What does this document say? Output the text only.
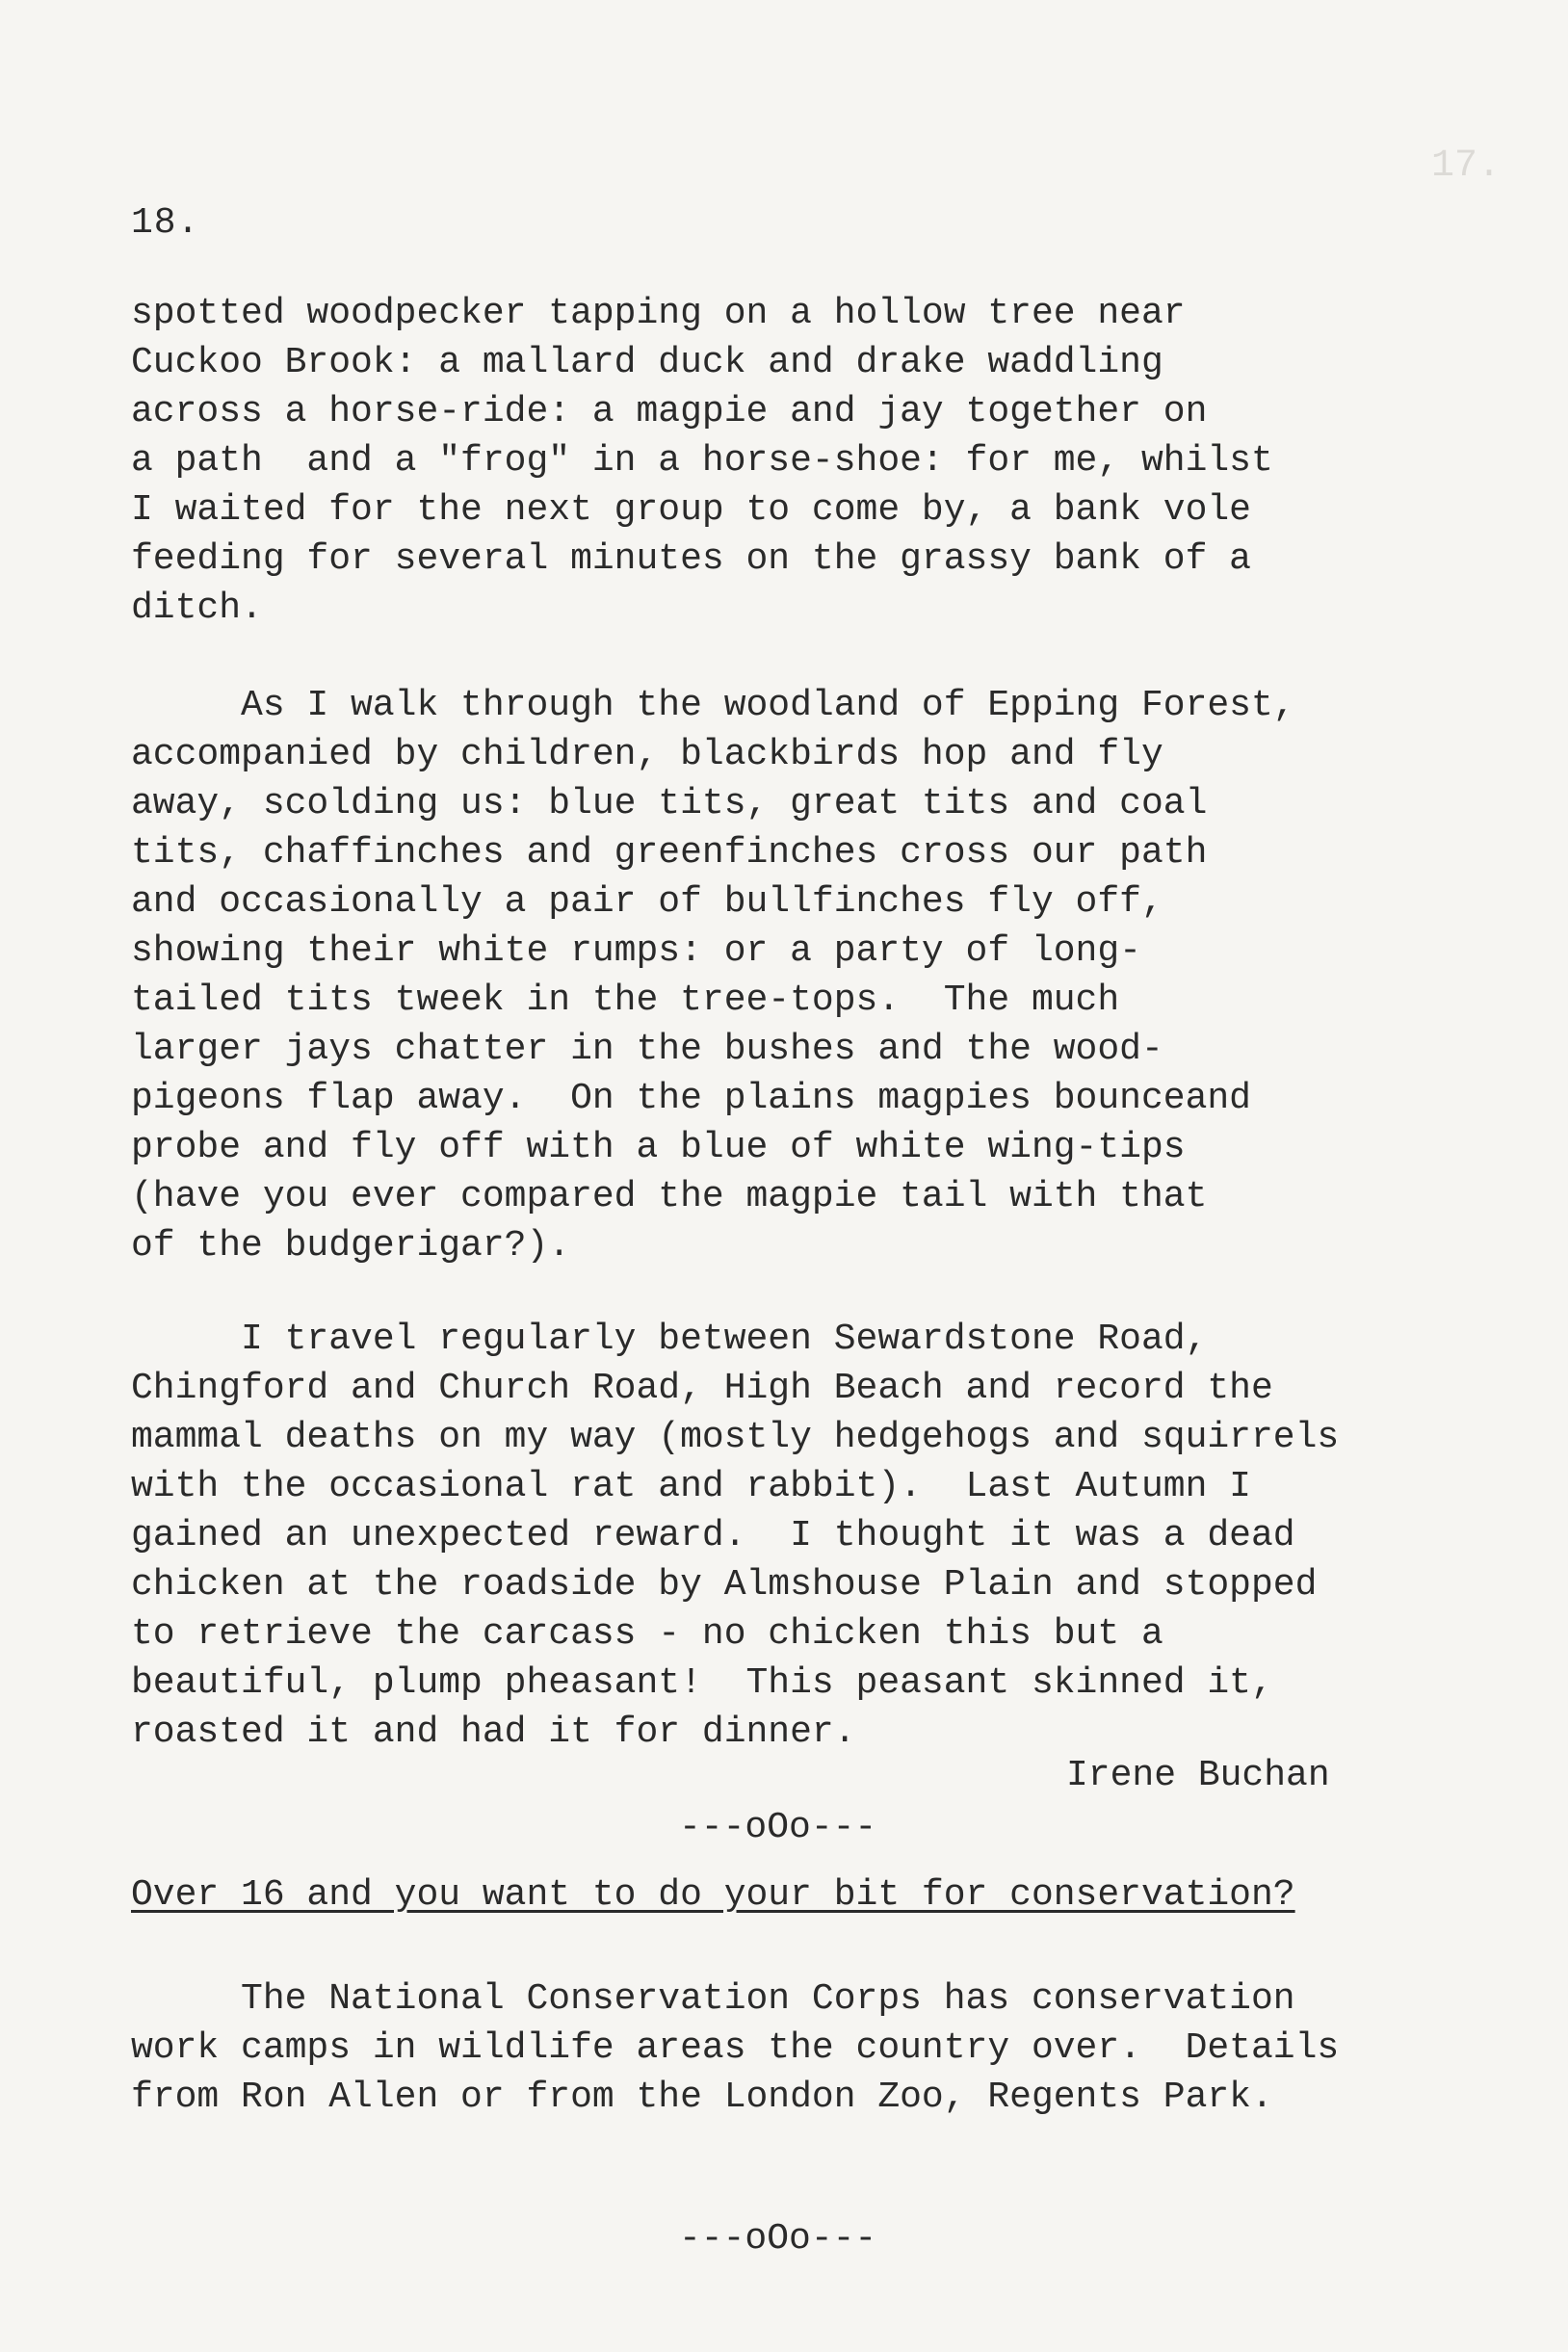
17.
18.
spotted woodpecker tapping on a hollow tree near
Cuckoo Brook: a mallard duck and drake waddling
across a horse-ride: a magpie and jay together on
a path  and a "frog" in a horse-shoe: for me, whilst
I waited for the next group to come by, a bank vole
feeding for several minutes on the grassy bank of a
ditch.
As I walk through the woodland of Epping Forest,
accompanied by children, blackbirds hop and fly
away, scolding us: blue tits, great tits and coal
tits, chaffinches and greenfinches cross our path
and occasionally a pair of bullfinches fly off,
showing their white rumps: or a party of long-
tailed tits tweek in the tree-tops.  The much
larger jays chatter in the bushes and the wood-
pigeons flap away.  On the plains magpies bounceand
probe and fly off with a blue of white wing-tips
(have you ever compared the magpie tail with that
of the budgerigar?).
I travel regularly between Sewardstone Road,
Chingford and Church Road, High Beach and record the
mammal deaths on my way (mostly hedgehogs and squirrels
with the occasional rat and rabbit).  Last Autumn I
gained an unexpected reward.  I thought it was a dead
chicken at the roadside by Almshouse Plain and stopped
to retrieve the carcass - no chicken this but a
beautiful, plump pheasant!  This peasant skinned it,
roasted it and had it for dinner.
Irene Buchan
---oOo---
Over 16 and you want to do your bit for conservation?
The National Conservation Corps has conservation
work camps in wildlife areas the country over.  Details
from Ron Allen or from the London Zoo, Regents Park.
---oOo---
